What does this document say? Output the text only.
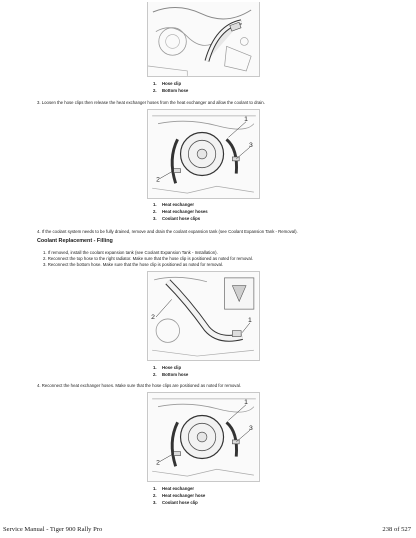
1.	Hose clip
2.	Bottom hose
3. Loosen the hose clips then release the heat exchanger hoses from the heat exchanger and allow the coolant to drain.
1
3
2
1.	Heat exchanger
2.	Heat exchanger hoses
3.	Coolant hose clips
4. If the coolant system needs to be fully drained, remove and drain the coolant expansion tank (see Coolant Expansion Tank - Removal).
Coolant Replacement - Filling
1. If removed, install the coolant expansion tank (see Coolant Expansion Tank - Installation).
2. Reconnect the top hose to the right radiator. Make sure that the hose clip is positioned as noted for removal.
3. Reconnect the bottom hose. Make sure that the hose clip is positioned as noted for removal.
1
2
1.	Hose clip
2.	Bottom hose
4. Reconnect the heat exchanger hoses. Make sure that the hose clips are positioned as noted for removal.
1
3
2
1.	Heat exchanger
2.	Heat exchanger hose
3.	Coolant hose clip
Service Manual - Tiger 900 Rally Pro	238 of 527
